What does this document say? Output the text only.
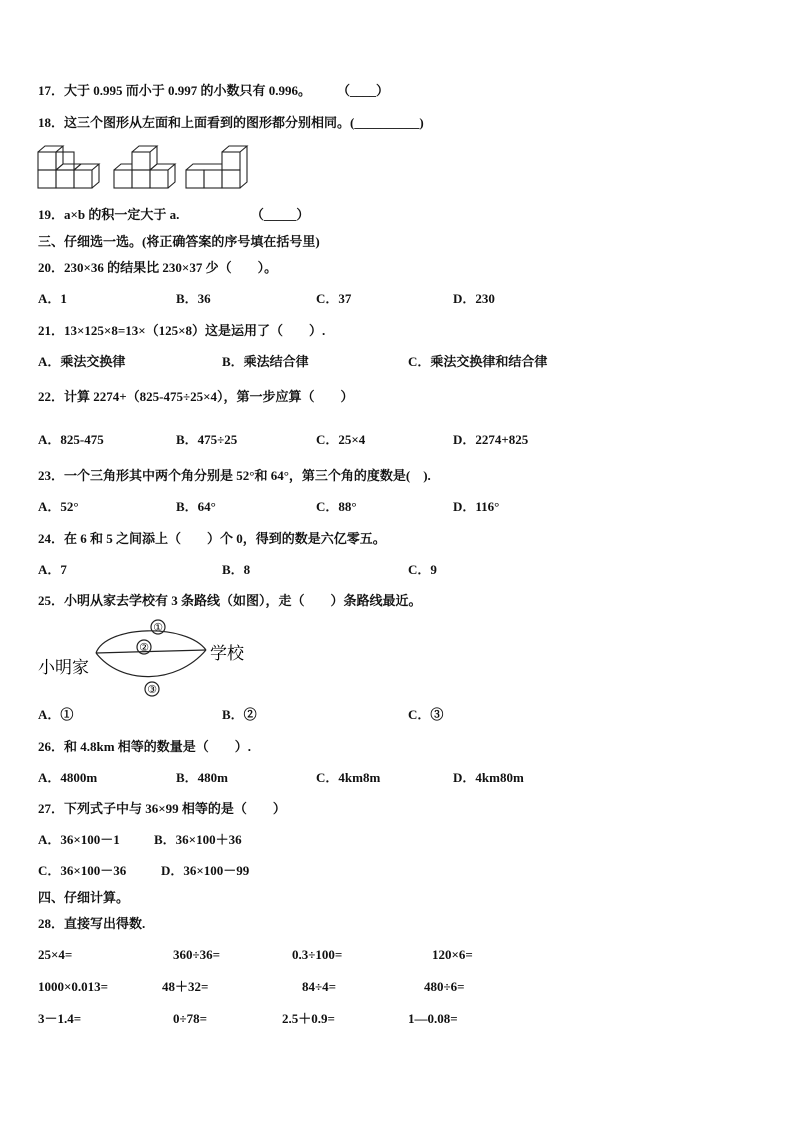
17．大于 0.995 而小于 0.997 的小数只有 0.996。　　　（____）
18．这三个图形从左面和上面看到的图形都分别相同。(__________)
19．a×b 的积一定大于 a.　　　　　　（_____）
三、仔细选一选。(将正确答案的序号填在括号里)
20．230×36 的结果比 230×37 少（　　）。
A．1	B．36	C．37	D．230
21．13×125×8=13×（125×8）这是运用了（　　）.
A．乘法交换律	B．乘法结合律	C．乘法交换律和结合律
22．计算 2274+（825-475÷25×4），第一步应算（　　）
A．825-475	B．475÷25	C．25×4	D．2274+825
23．一个三角形其中两个角分别是 52°和 64°，第三个角的度数是(　).
A．52°	B．64°	C．88°	D．116°
24．在 6 和 5 之间添上（　　）个 0，得到的数是六亿零五。
A．7	B．8	C．9
25．小明从家去学校有 3 条路线（如图），走（　　）条路线最近。
①
②
③
小明家
学校
A．①	B．②	C．③
26．和 4.8km 相等的数量是（　　）.
A．4800m	B．480m	C．4km8m	D．4km80m
27．下列式子中与 36×99 相等的是（　　）
A．36×100－1	B．36×100＋36
C．36×100－36	D．36×100－99
四、仔细计算。
28．直接写出得数.
25×4=	360÷36=	0.3÷100=	120×6=
1000×0.013=	48＋32=	84÷4=	480÷6=
3－1.4=	0÷78=	2.5＋0.9=	1—0.08=
